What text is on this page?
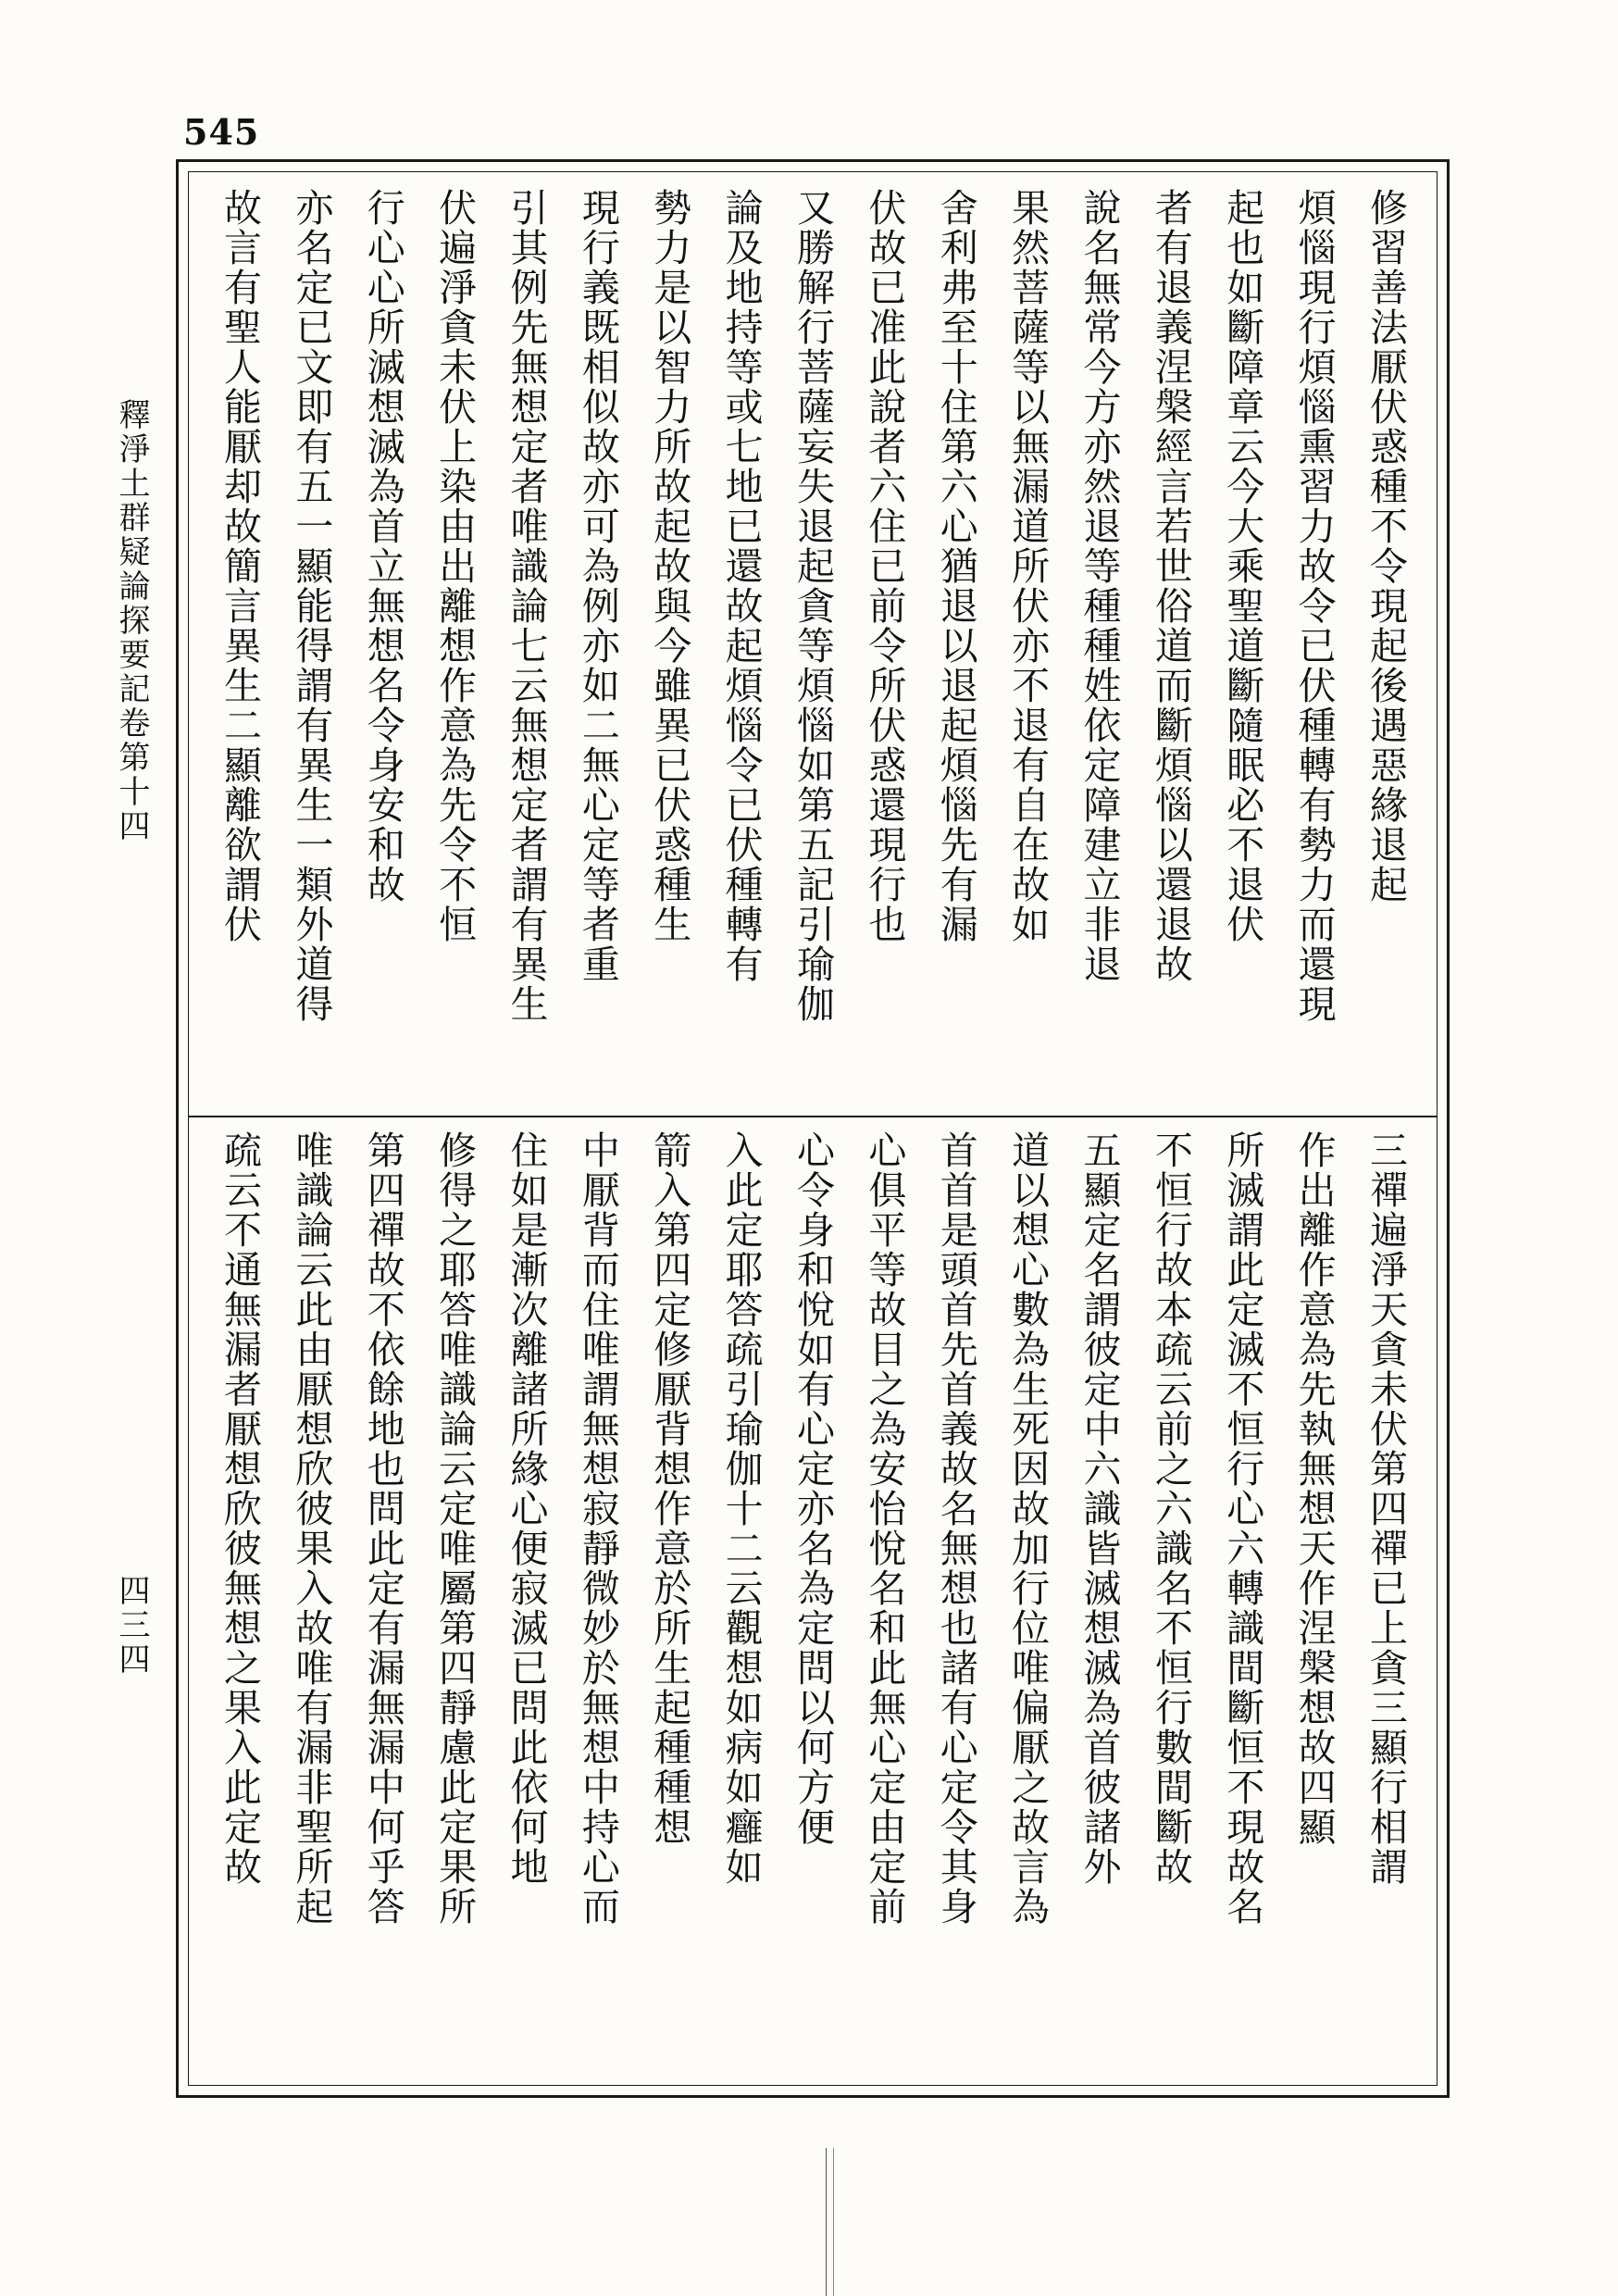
545
釋淨土群疑論探要記卷第十四
四三四
修習善法厭伏惑種不令現起後遇惡緣退起
煩惱現行煩惱熏習力故令已伏種轉有勢力而還現
起也如斷障章云今大乘聖道斷隨眠必不退伏
者有退義涅槃經言若世俗道而斷煩惱以還退故
說名無常今方亦然退等種種姓依定障建立非退
果然菩薩等以無漏道所伏亦不退有自在故如
舍利弗至十住第六心猶退以退起煩惱先有漏
伏故已准此說者六住已前令所伏惑還現行也
又勝解行菩薩妄失退起貪等煩惱如第五記引瑜伽
論及地持等或七地已還故起煩惱令已伏種轉有
勢力是以智力所故起故與今雖異已伏惑種生
現行義既相似故亦可為例亦如二無心定等者重
引其例先無想定者唯識論七云無想定者謂有異生
伏遍淨貪未伏上染由出離想作意為先令不恒
行心心所滅想滅為首立無想名令身安和故
亦名定已文即有五一顯能得謂有異生一類外道得
故言有聖人能厭却故簡言異生二顯離欲謂伏
三禪遍淨天貪未伏第四禪已上貪三顯行相謂
作出離作意為先執無想天作涅槃想故四顯
所滅謂此定滅不恒行心六轉識間斷恒不現故名
不恒行故本疏云前之六識名不恒行數間斷故
五顯定名謂彼定中六識皆滅想滅為首彼諸外
道以想心數為生死因故加行位唯偏厭之故言為
首首是頭首先首義故名無想也諸有心定令其身
心俱平等故目之為安怡悅名和此無心定由定前
心令身和悅如有心定亦名為定問以何方便
入此定耶答疏引瑜伽十二云觀想如病如癰如
箭入第四定修厭背想作意於所生起種種想
中厭背而住唯謂無想寂靜微妙於無想中持心而
住如是漸次離諸所緣心便寂滅已問此依何地
修得之耶答唯識論云定唯屬第四靜慮此定果所
第四禪故不依餘地也問此定有漏無漏中何乎答
唯識論云此由厭想欣彼果入故唯有漏非聖所起
疏云不通無漏者厭想欣彼無想之果入此定故
